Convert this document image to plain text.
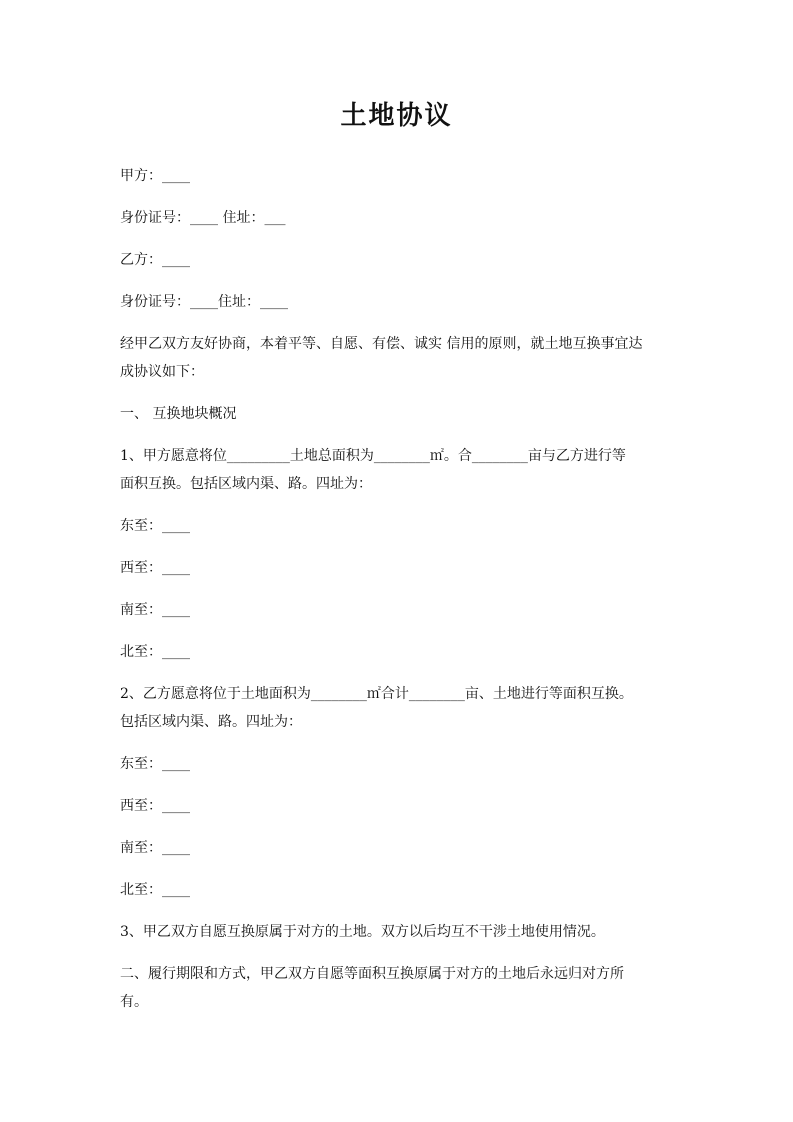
土地协议
甲方：____
身份证号：____ 住址：___
乙方：____
身份证号：____住址：____
经甲乙双方友好协商，本着平等、自愿、有偿、诚实 信用的原则，就土地互换事宜达
成协议如下：
一、 互换地块概况
1、甲方愿意将位_________土地总面积为________㎡。合________亩与乙方进行等
面积互换。包括区域内渠、路。四址为：
东至：____
西至：____
南至：____
北至：____
2、乙方愿意将位于土地面积为________㎡合计________亩、土地进行等面积互换。
包括区域内渠、路。四址为：
东至：____
西至：____
南至：____
北至：____
3、甲乙双方自愿互换原属于对方的土地。双方以后均互不干涉土地使用情况。
二、履行期限和方式，甲乙双方自愿等面积互换原属于对方的土地后永远归对方所
有。
